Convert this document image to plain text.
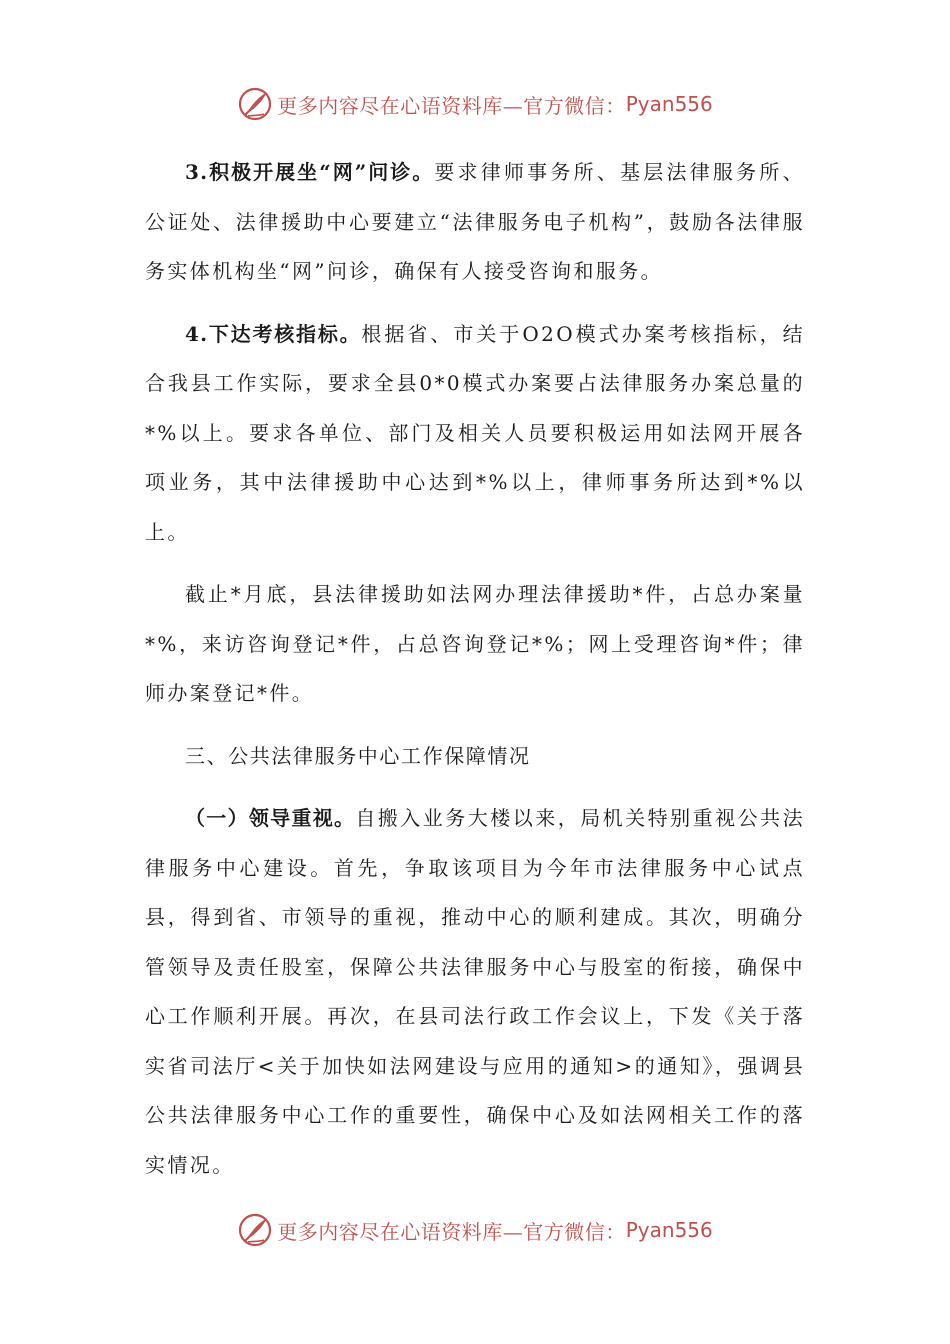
更多内容尽在心语资料库—官方微信： Pyan556

3.积极开展坐“网”问诊。要求律师事务所、基层法律服务所、公证处、法律援助中心要建立“法律服务电子机构”，鼓励各法律服务实体机构坐“网”问诊，确保有人接受咨询和服务。

4.下达考核指标。根据省、市关于O2O模式办案考核指标，结合我县工作实际，要求全县0*0模式办案要占法律服务办案总量的*%以上。要求各单位、部门及相关人员要积极运用如法网开展各项业务，其中法律援助中心达到*%以上，律师事务所达到*%以上。

截止*月底，县法律援助如法网办理法律援助*件，占总办案量*%，来访咨询登记*件，占总咨询登记*%；网上受理咨询*件；律师办案登记*件。

三、公共法律服务中心工作保障情况

（一）领导重视。自搬入业务大楼以来，局机关特别重视公共法律服务中心建设。首先，争取该项目为今年市法律服务中心试点县，得到省、市领导的重视，推动中心的顺利建成。其次，明确分管领导及责任股室，保障公共法律服务中心与股室的衔接，确保中心工作顺利开展。再次，在县司法行政工作会议上，下发《关于落实省司法厅<关于加快如法网建设与应用的通知>的通知》，强调县公共法律服务中心工作的重要性，确保中心及如法网相关工作的落实情况。

更多内容尽在心语资料库—官方微信： Pyan556
